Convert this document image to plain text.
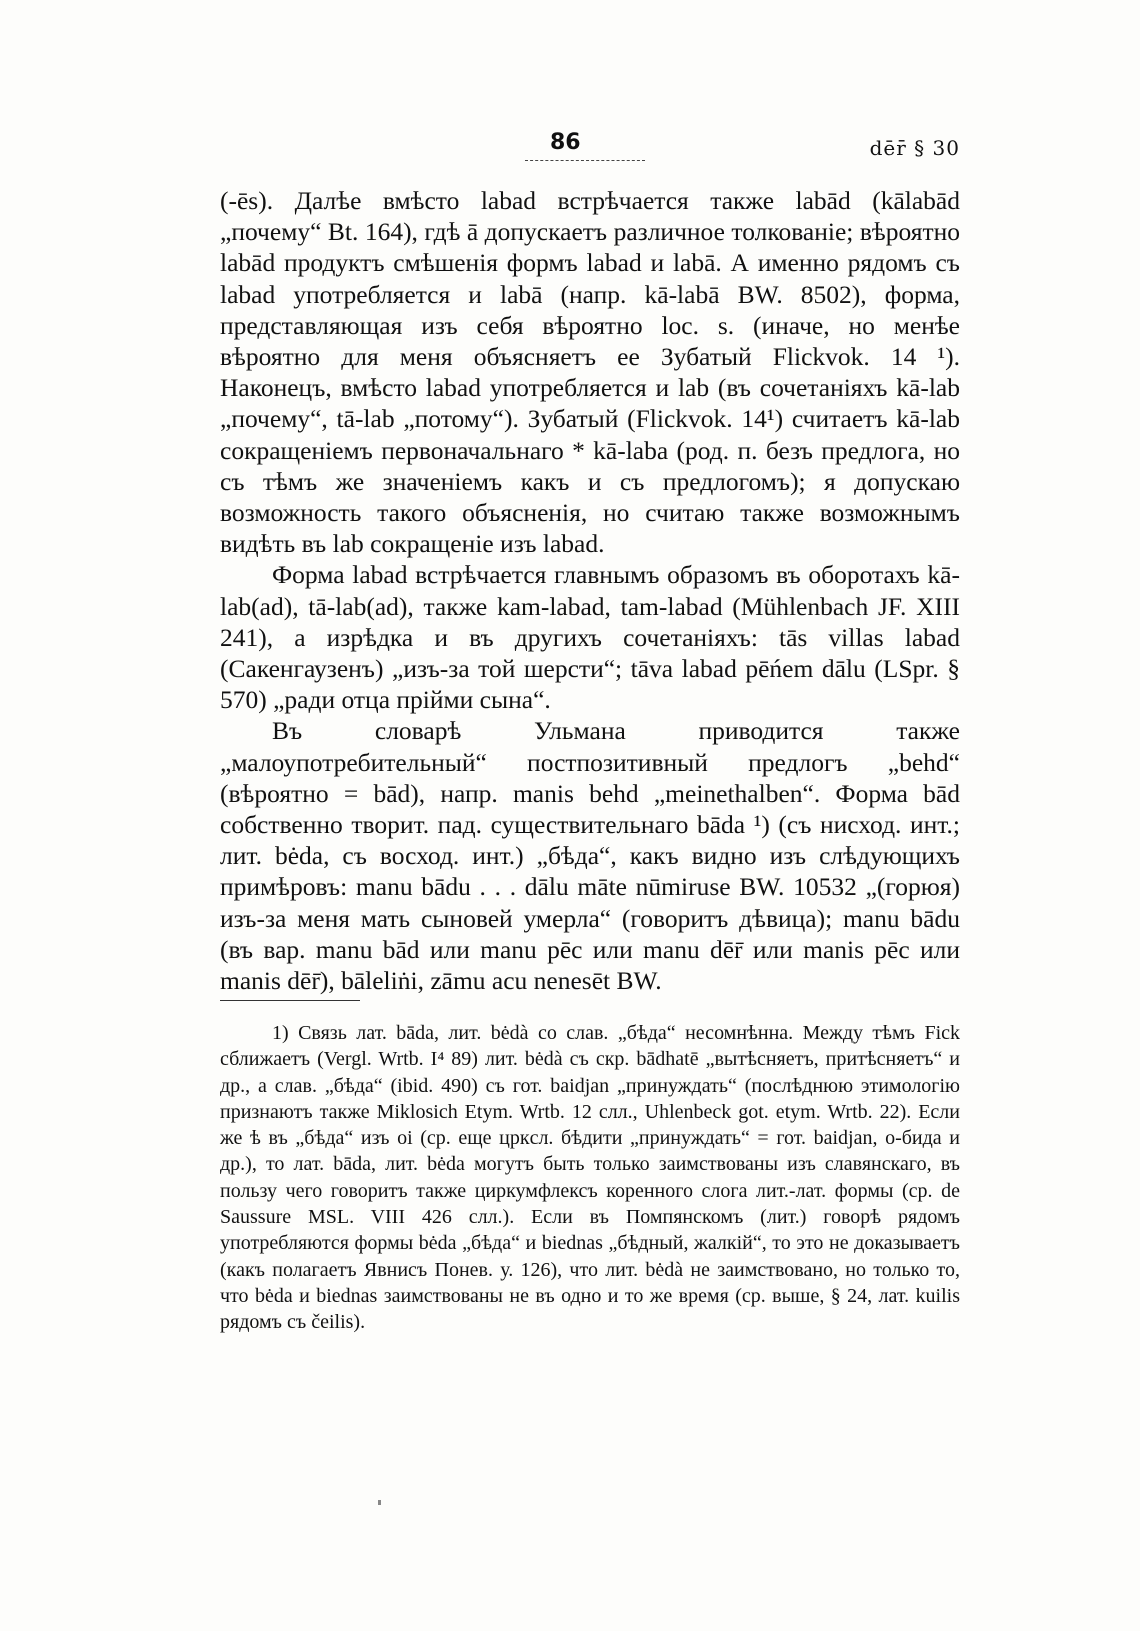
86	dēr̄ § 30

(-ēs). Далѣе вмѣсто labad встрѣчается также labād (kālabād „почему“ Bt. 164), гдѣ ā допускаетъ различное толкованіе; вѣроятно labād продуктъ смѣшенія формъ labad и labā. А именно рядомъ съ labad употребляется и labā (напр. kā-labā BW. 8502), форма, представляющая изъ себя вѣроятно loc. s. (иначе, но менѣе вѣроятно для меня объясняетъ ее Зубатый Flickvok. 14 ¹). Наконецъ, вмѣсто labad употребляется и lab (въ сочетаніяхъ kā-lab „почему“, tā-lab „потому“). Зубатый (Flickvok. 14¹) считаетъ kā-lab сокращеніемъ первоначальнаго * kā-laba (род. п. безъ предлога, но съ тѣмъ же значеніемъ какъ и съ предлогомъ); я допускаю возможность такого объясненія, но считаю также возможнымъ видѣть въ lab сокращеніе изъ labad.

Форма labad встрѣчается главнымъ образомъ въ оборотахъ kā-lab(ad), tā-lab(ad), также kam-labad, tam-labad (Mühlenbach JF. XIII 241), а изрѣдка и въ другихъ сочетаніяхъ: tās villas labad (Сакенгаузенъ) „изъ-за той шерсти“; tāva labad pēńem dālu (LSpr. § 570) „ради отца прійми сына“.

Въ словарѣ Ульмана приводится также „малоупотребительный“ постпозитивный предлогъ „behd“ (вѣроятно = bād), напр. manis behd „meinethalben“. Форма bād собственно творит. пад. существительнаго bāda ¹) (съ нисход. инт.; лит. bėda, съ восход. инт.) „бѣда“, какъ видно изъ слѣдующихъ примѣровъ: manu bādu . . . dālu māte nūmiruse BW. 10532 „(горюя) изъ-за меня мать сыновей умерла“ (говоритъ дѣвица); manu bādu (въ вар. manu bād или manu pēc или manu dēr̄ или manis pēc или manis dēr̄), bāleliṅi, zāmu acu nenesēt BW.

1) Связь лат. bāda, лит. bėdà со слав. „бѣда“ несомнѣнна. Между тѣмъ Fick сближаетъ (Vergl. Wrtb. I⁴ 89) лит. bėdà съ скр. bādhatē „вытѣсняетъ, притѣсняетъ“ и др., а слав. „бѣда“ (ibid. 490) съ гот. baidjan „принуждать“ (послѣднюю этимологію признаютъ также Miklosich Etym. Wrtb. 12 слл., Uhlenbeck got. etym. Wrtb. 22). Если же ѣ въ „бѣда“ изъ oi (ср. еще цркcл. бѣдити „принуждать“ = гот. baidjan, о-бида и др.), то лат. bāda, лит. bėda могутъ быть только заимствованы изъ славянскаго, въ пользу чего говоритъ также циркумфлексъ коренного слога лит.-лат. формы (ср. de Saussure MSL. VIII 426 слл.). Если въ Помпянскомъ (лит.) говорѣ рядомъ употребляются формы bėda „бѣда“ и biednas „бѣдный, жалкій“, то это не доказываетъ (какъ полагаетъ Явнисъ Понев. у. 126), что лит. bėdà не заимствовано, но только то, что bėda и biednas заимствованы не въ одно и то же время (ср. выше, § 24, лат. kuilis рядомъ съ čeilis).
